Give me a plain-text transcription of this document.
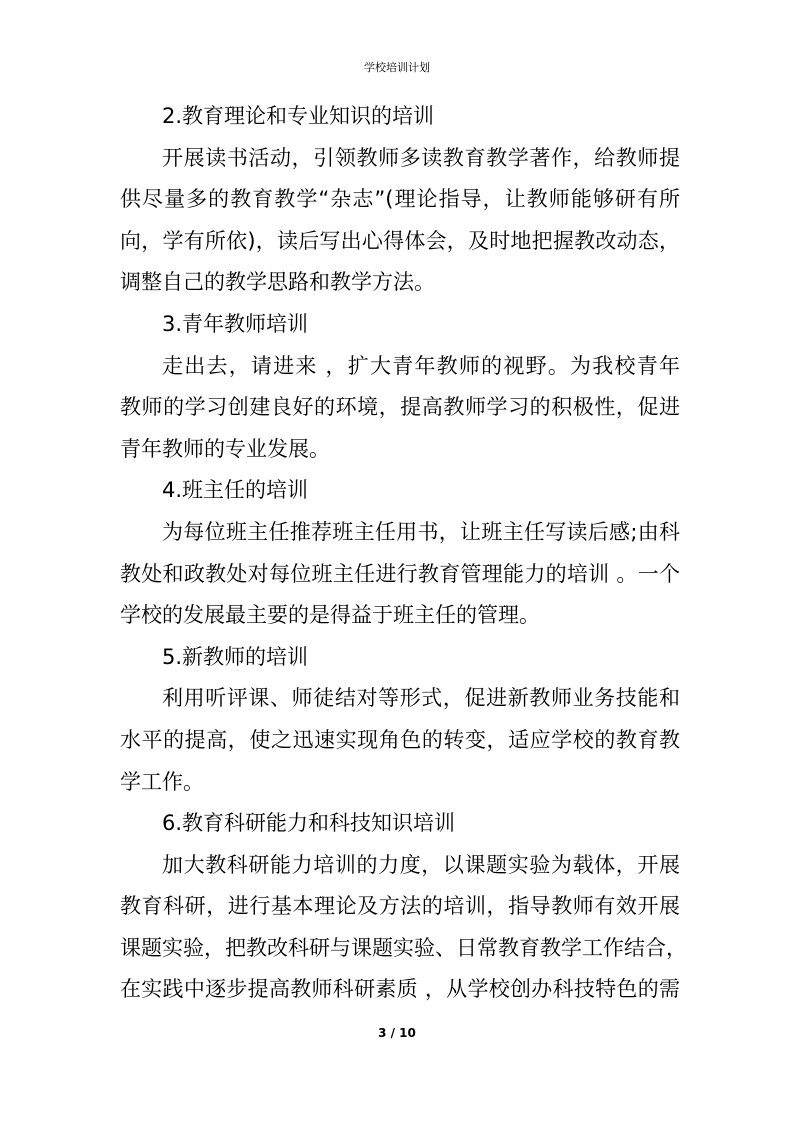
学校培训计划
2.教育理论和专业知识的培训
开展读书活动，引领教师多读教育教学著作，给教师提
供尽量多的教育教学“杂志”(理论指导，让教师能够研有所
向，学有所依)，读后写出心得体会，及时地把握教改动态，
调整自己的教学思路和教学方法。
3.青年教师培训
走出去，请进来 ，扩大青年教师的视野。为我校青年
教师的学习创建良好的环境，提高教师学习的积极性，促进
青年教师的专业发展。
4.班主任的培训
为每位班主任推荐班主任用书，让班主任写读后感;由科
教处和政教处对每位班主任进行教育管理能力的培训 。一个
学校的发展最主要的是得益于班主任的管理。
5.新教师的培训
利用听评课、师徒结对等形式，促进新教师业务技能和
水平的提高，使之迅速实现角色的转变，适应学校的教育教
学工作。
6.教育科研能力和科技知识培训
加大教科研能力培训的力度，以课题实验为载体，开展
教育科研，进行基本理论及方法的培训，指导教师有效开展
课题实验，把教改科研与课题实验、日常教育教学工作结合，
在实践中逐步提高教师科研素质 ，从学校创办科技特色的需
3 / 10
